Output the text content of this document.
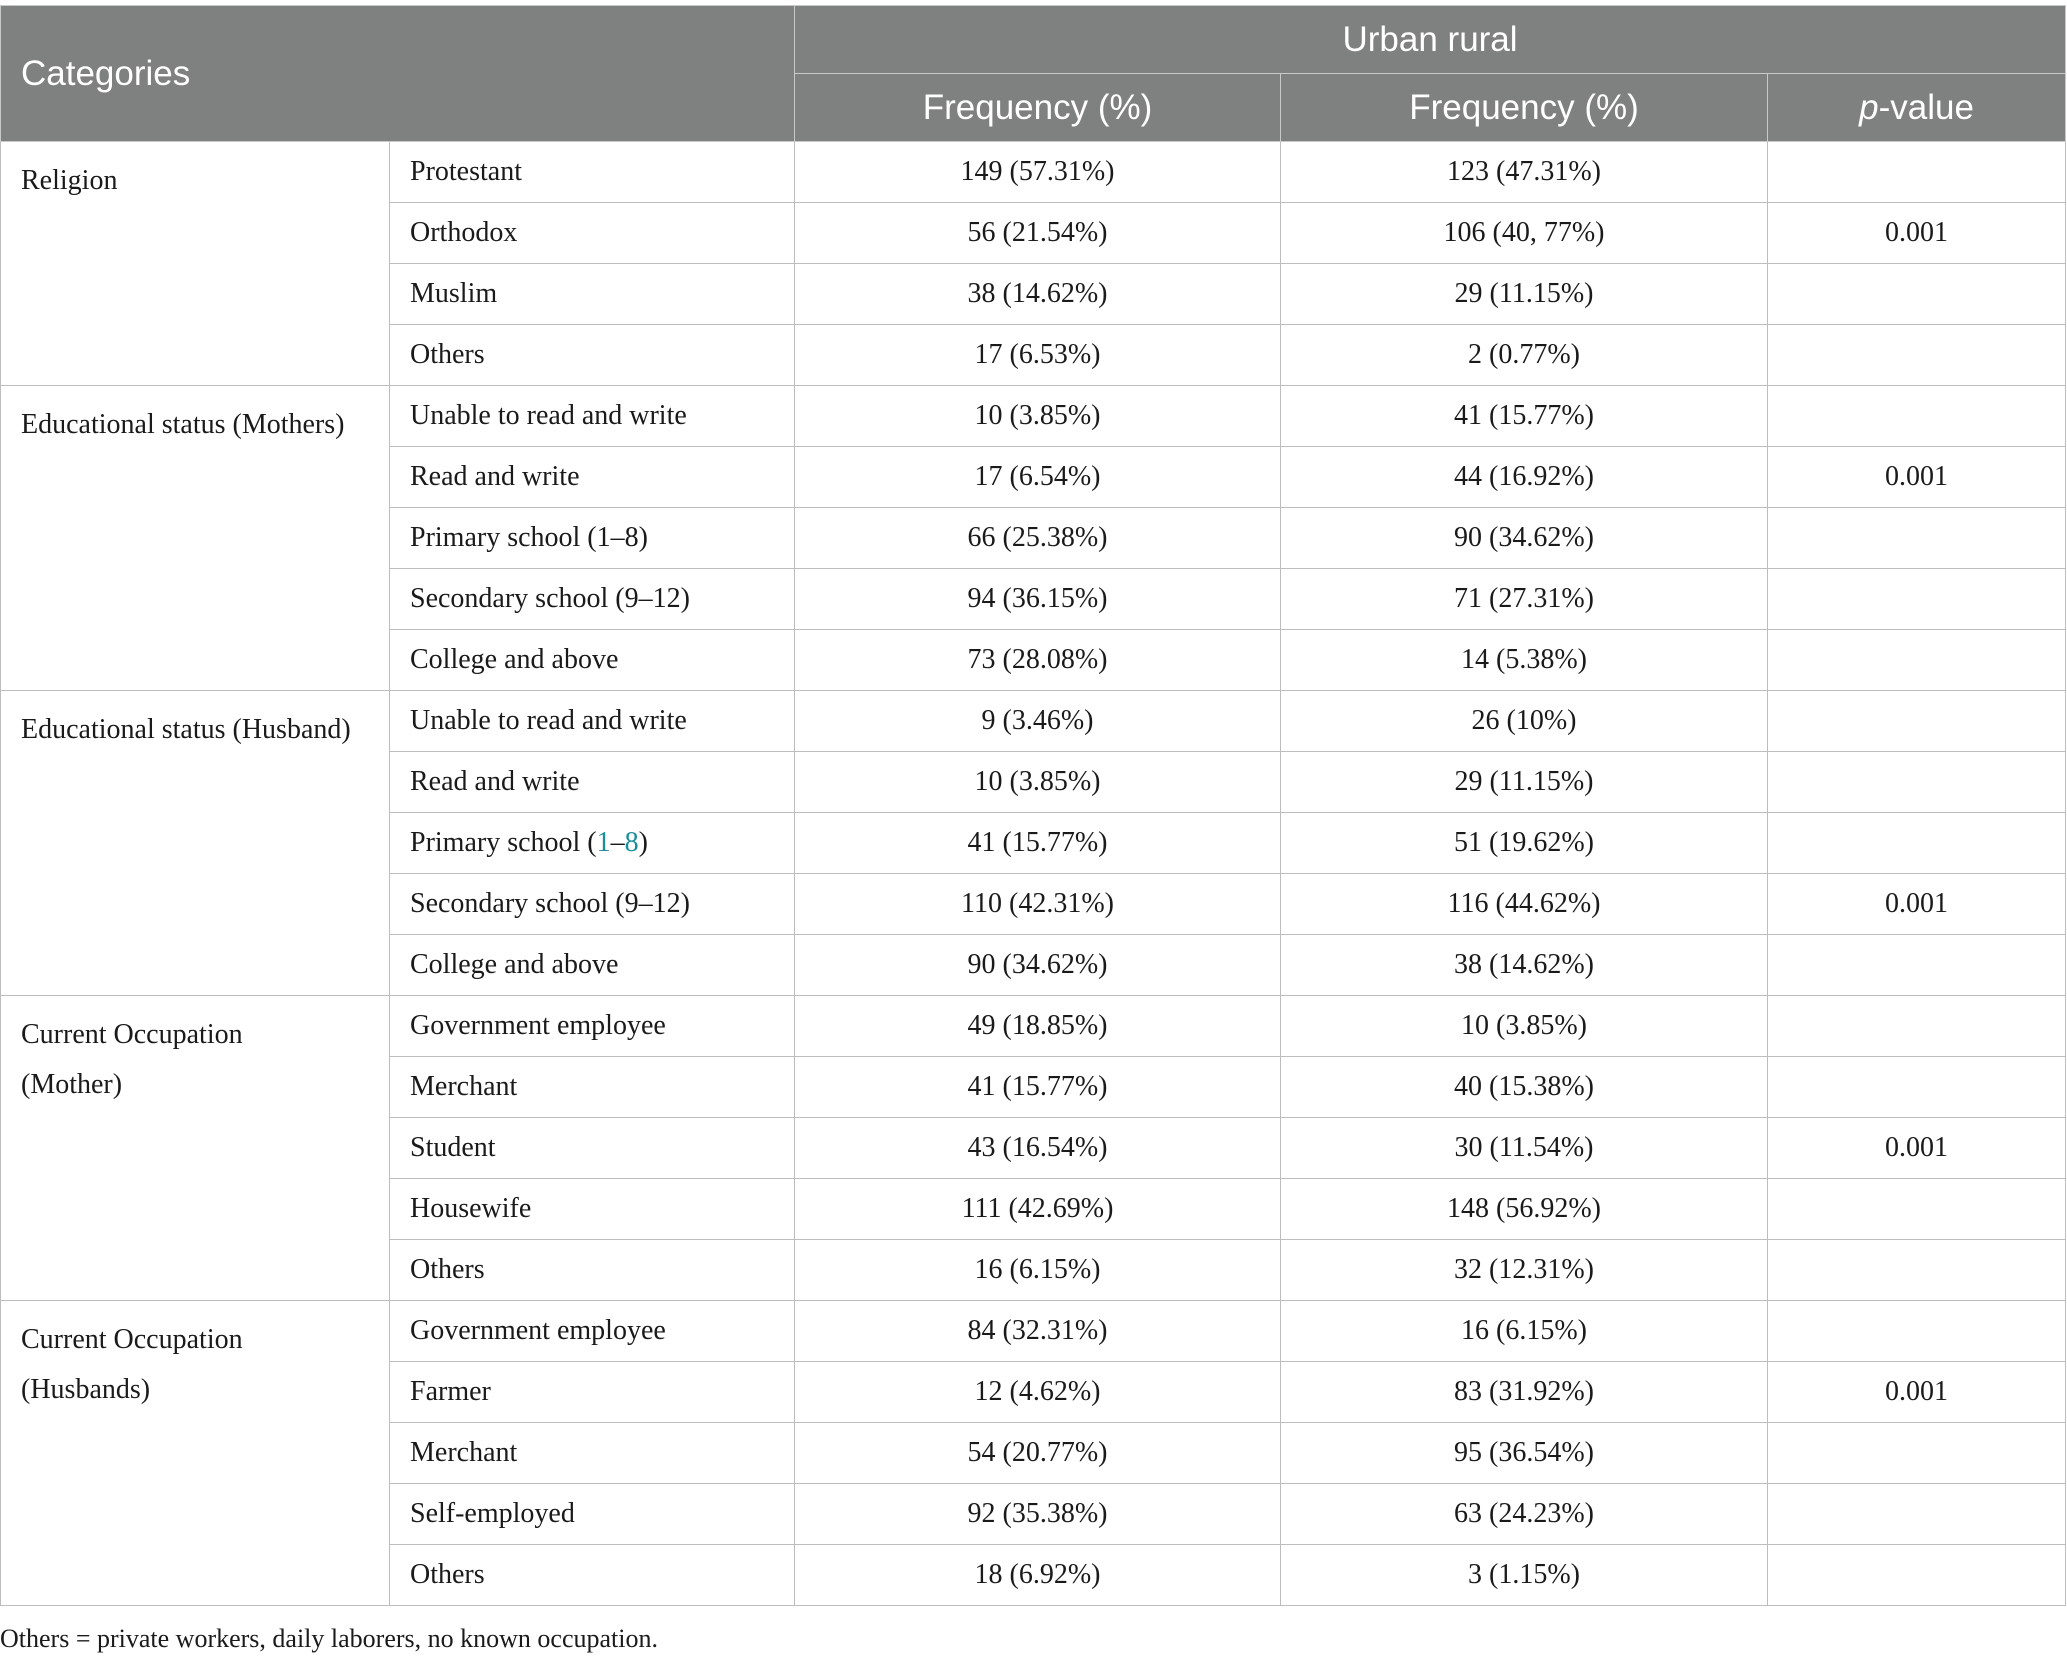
Categories		Urban rural		
		Frequency (%)	Frequency (%)	p-value
Religion	Protestant	149 (57.31%)	123 (47.31%)	
	Orthodox	56 (21.54%)	106 (40, 77%)	0.001
	Muslim	38 (14.62%)	29 (11.15%)	
	Others	17 (6.53%)	2 (0.77%)	
Educational status (Mothers)	Unable to read and write	10 (3.85%)	41 (15.77%)	
	Read and write	17 (6.54%)	44 (16.92%)	0.001
	Primary school (1–8)	66 (25.38%)	90 (34.62%)	
	Secondary school (9–12)	94 (36.15%)	71 (27.31%)	
	College and above	73 (28.08%)	14 (5.38%)	
Educational status (Husband)	Unable to read and write	9 (3.46%)	26 (10%)	
	Read and write	10 (3.85%)	29 (11.15%)	
	Primary school (1–8)	41 (15.77%)	51 (19.62%)	
	Secondary school (9–12)	110 (42.31%)	116 (44.62%)	0.001
	College and above	90 (34.62%)	38 (14.62%)	
Current Occupation
(Mother)	Government employee	49 (18.85%)	10 (3.85%)	
	Merchant	41 (15.77%)	40 (15.38%)	
	Student	43 (16.54%)	30 (11.54%)	0.001
	Housewife	111 (42.69%)	148 (56.92%)	
	Others	16 (6.15%)	32 (12.31%)	
Current Occupation
(Husbands)	Government employee	84 (32.31%)	16 (6.15%)	
	Farmer	12 (4.62%)	83 (31.92%)	0.001
	Merchant	54 (20.77%)	95 (36.54%)	
	Self-employed	92 (35.38%)	63 (24.23%)	
	Others	18 (6.92%)	3 (1.15%)	
Others = private workers, daily laborers, no known occupation.
